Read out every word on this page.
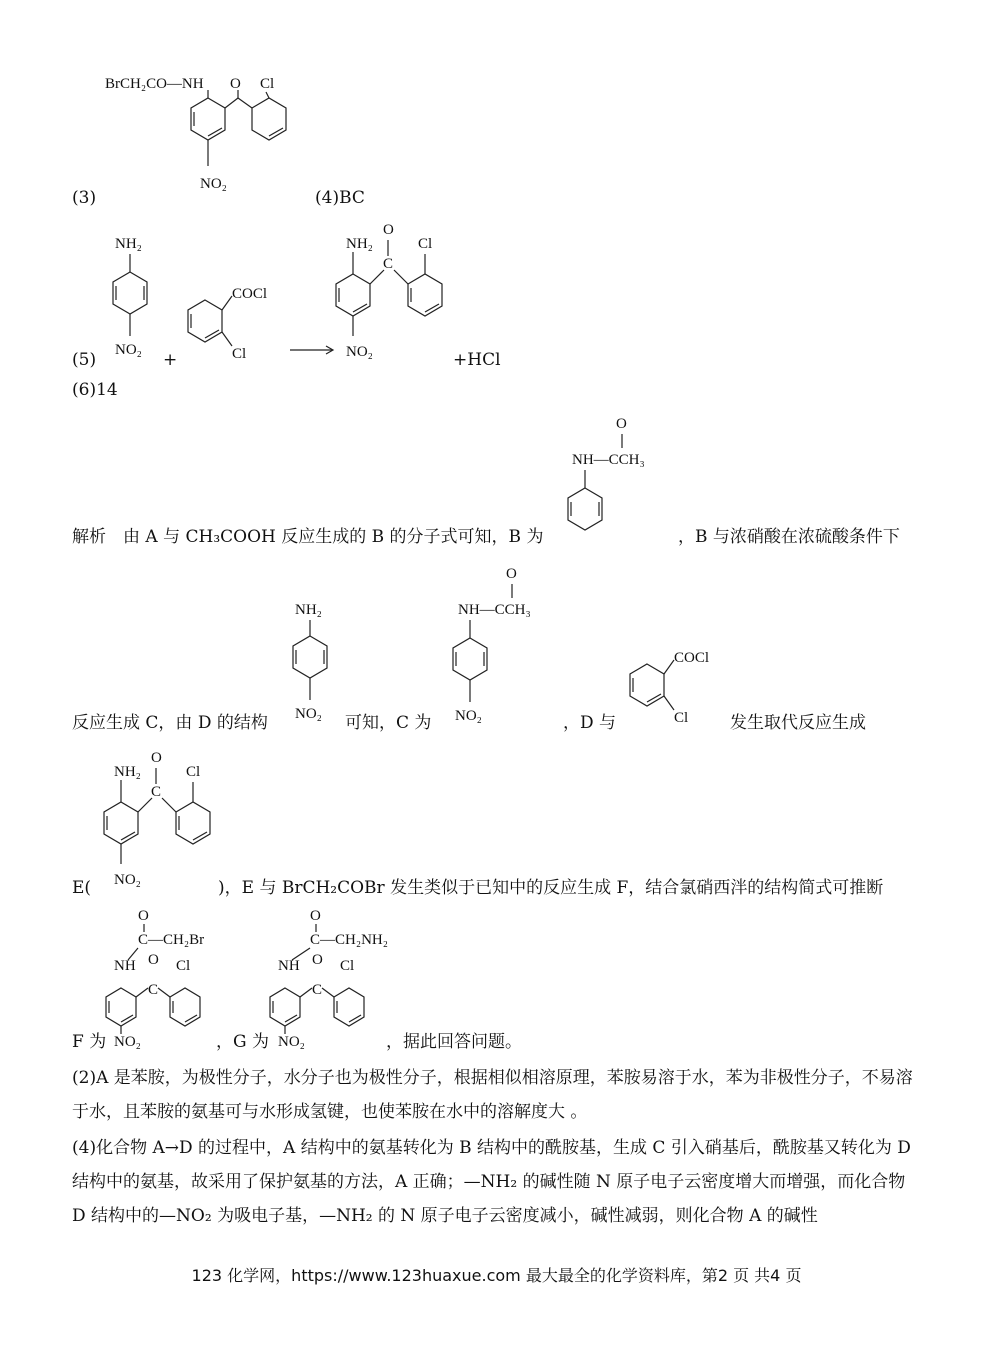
(3)	(4)BC
BrCH₂CO—NH O Cl
NO₂
(5)	+	+HCl
NH₂
NO₂
COCl
Cl
NH₂
O
C
Cl
NO₂
(6)14
解析　由 A 与 CH₃COOH 反应生成的 B 的分子式可知，B 为	，B 与浓硝酸在浓硫酸条件下
O
NH—CCH₃
反应生成 C，由 D 的结构	可知，C 为	，D 与	发生取代反应生成
NH₂
NO₂
O
NH—CCH₃
NO₂
COCl
Cl
NH₂
O
C
Cl
NO₂
E(	)，E 与 BrCH₂COBr 发生类似于已知中的反应生成 F，结合氯硝西泮的结构简式可推断
O
C—CH₂Br
NH O
C
Cl
NO₂
O
C—CH₂NH₂
NH O
C
Cl
NO₂
F 为	，G 为	，据此回答问题。
(2)A 是苯胺，为极性分子，水分子也为极性分子，根据相似相溶原理，苯胺易溶于水，苯为非极性分子，不易溶于水，且苯胺的氨基可与水形成氢键，也使苯胺在水中的溶解度大 。
(4)化合物 A→D 的过程中，A 结构中的氨基转化为 B 结构中的酰胺基，生成 C 引入硝基后，酰胺基又转化为 D 结构中的氨基，故采用了保护氨基的方法，A 正确；—NH₂ 的碱性随 N 原子电子云密度增大而增强，而化合物 D 结构中的—NO₂ 为吸电子基，—NH₂ 的 N 原子电子云密度减小，碱性减弱，则化合物 A 的碱性
123 化学网，https://www.123huaxue.com 最大最全的化学资料库，第2 页 共4 页
